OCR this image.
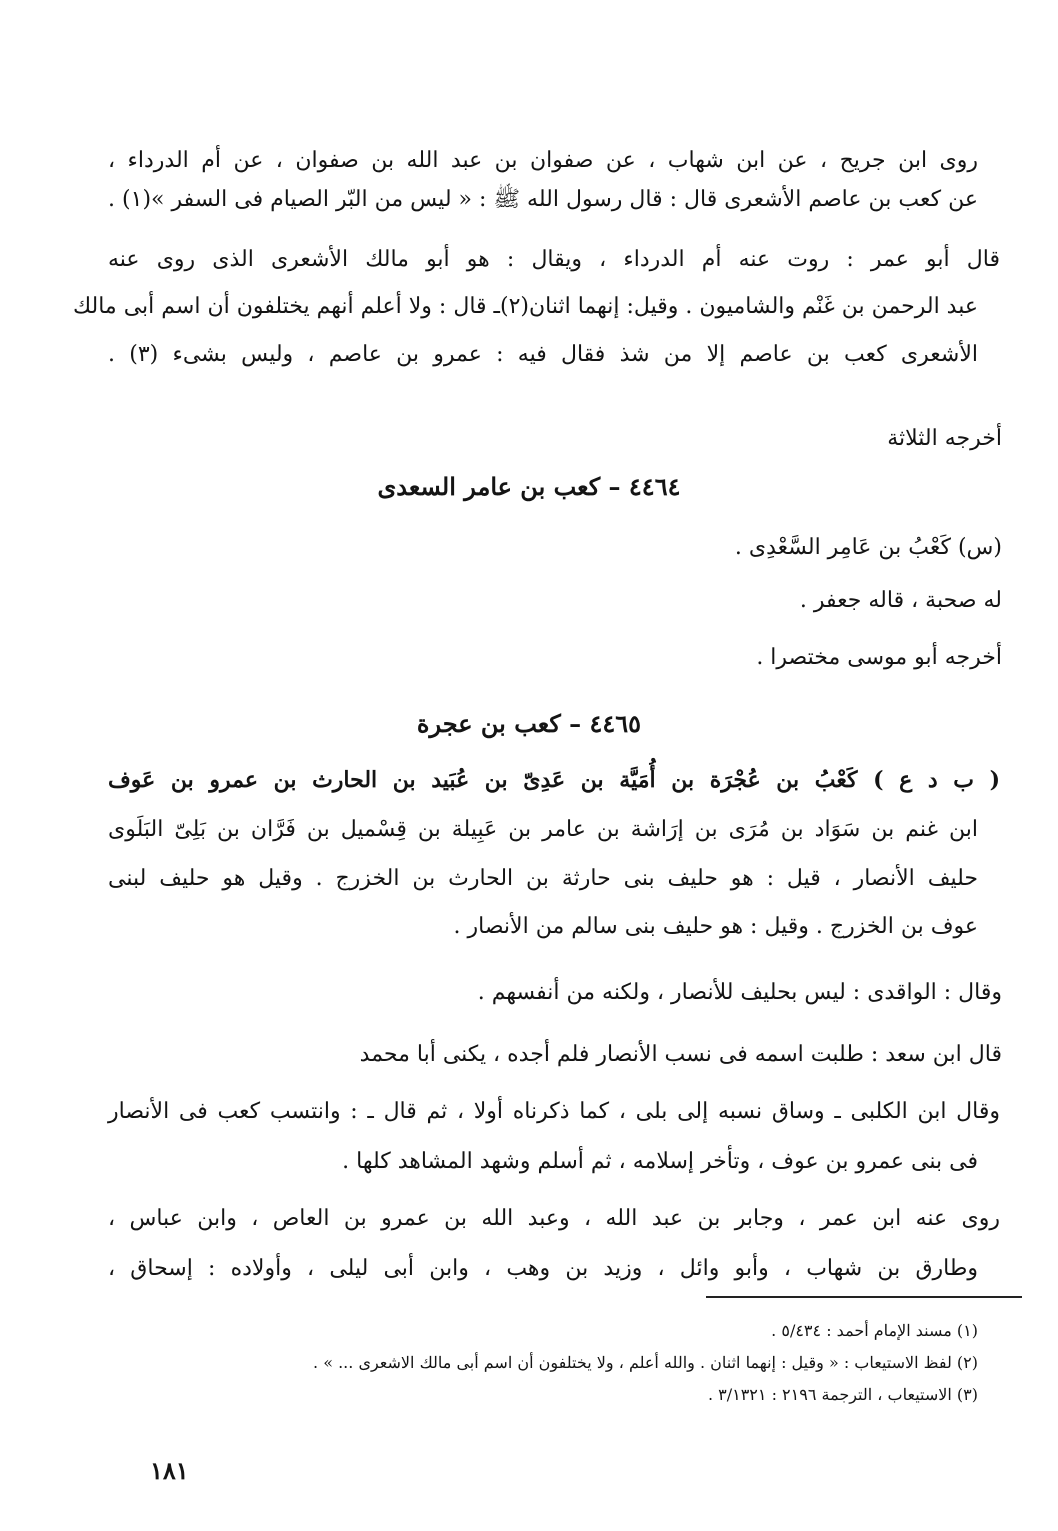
روى ابن جريح ، عن ابن شهاب ، عن صفوان بن عبد الله بن صفوان ، عن أم الدرداء ،
عن كعب بن عاصم الأشعرى قال : قال رسول الله ﷺ : « ليس من البّر الصيام فى السفر »(١) .
قال أبو عمر : روت عنه أم الدرداء ، ويقال : هو أبو مالك الأشعرى الذى روى عنه
عبد الرحمن بن غَنْم والشاميون . وقيل: إنهما اثنان(٢)ـ قال : ولا أعلم أنهم يختلفون أن اسم أبى مالك
الأشعرى كعب بن عاصم إلا من شذ فقال فيه : عمرو بن عاصم ، وليس بشىء (٣) .
أخرجه الثلاثة
٤٤٦٤ – كعب بن عامر السعدى
(س) كَعْبُ بن عَامِر السَّعْدِى .
له صحبة ، قاله جعفر .
أخرجه أبو موسى مختصرا .
٤٤٦٥ – كعب بن عجرة
( ب د ع ) كَعْبُ بن عُجْرَة بن أُمَيَّة بن عَدِىّ بن عُبَيد بن الحارث بن عمرو بن عَوف
ابن غنم بن سَوَاد بن مُرَى بن إرَاشة بن عامر بن عَبِيلة بن قِسْميل بن فَرَّان بن بَلِىّ البَلَوى
حليف الأنصار ، قيل : هو حليف بنى حارثة بن الحارث بن الخزرج . وقيل هو حليف لبنى
عوف بن الخزرج . وقيل : هو حليف بنى سالم من الأنصار .
وقال : الواقدى : ليس بحليف للأنصار ، ولكنه من أنفسهم .
قال ابن سعد : طلبت اسمه فى نسب الأنصار فلم أجده ، يكنى أبا محمد
وقال ابن الكلبى ـ وساق نسبه إلى بلى ، كما ذكرناه أولا ، ثم قال ـ : وانتسب كعب فى الأنصار
فى بنى عمرو بن عوف ، وتأخر إسلامه ، ثم أسلم وشهد المشاهد كلها .
روى عنه ابن عمر ، وجابر بن عبد الله ، وعبد الله بن عمرو بن العاص ، وابن عباس ،
وطارق بن شهاب ، وأبو وائل ، وزيد بن وهب ، وابن أبى ليلى ، وأولاده : إسحاق ،
(١) مسند الإمام أحمد : ٥/٤٣٤ .
(٢) لفظ الاستيعاب : « وقيل : إنهما اثنان . والله أعلم ، ولا يختلفون أن اسم أبى مالك الاشعرى ... » .
(٣) الاستيعاب ، الترجمة ٢١٩٦ : ٣/١٣٢١ .
١٨١
